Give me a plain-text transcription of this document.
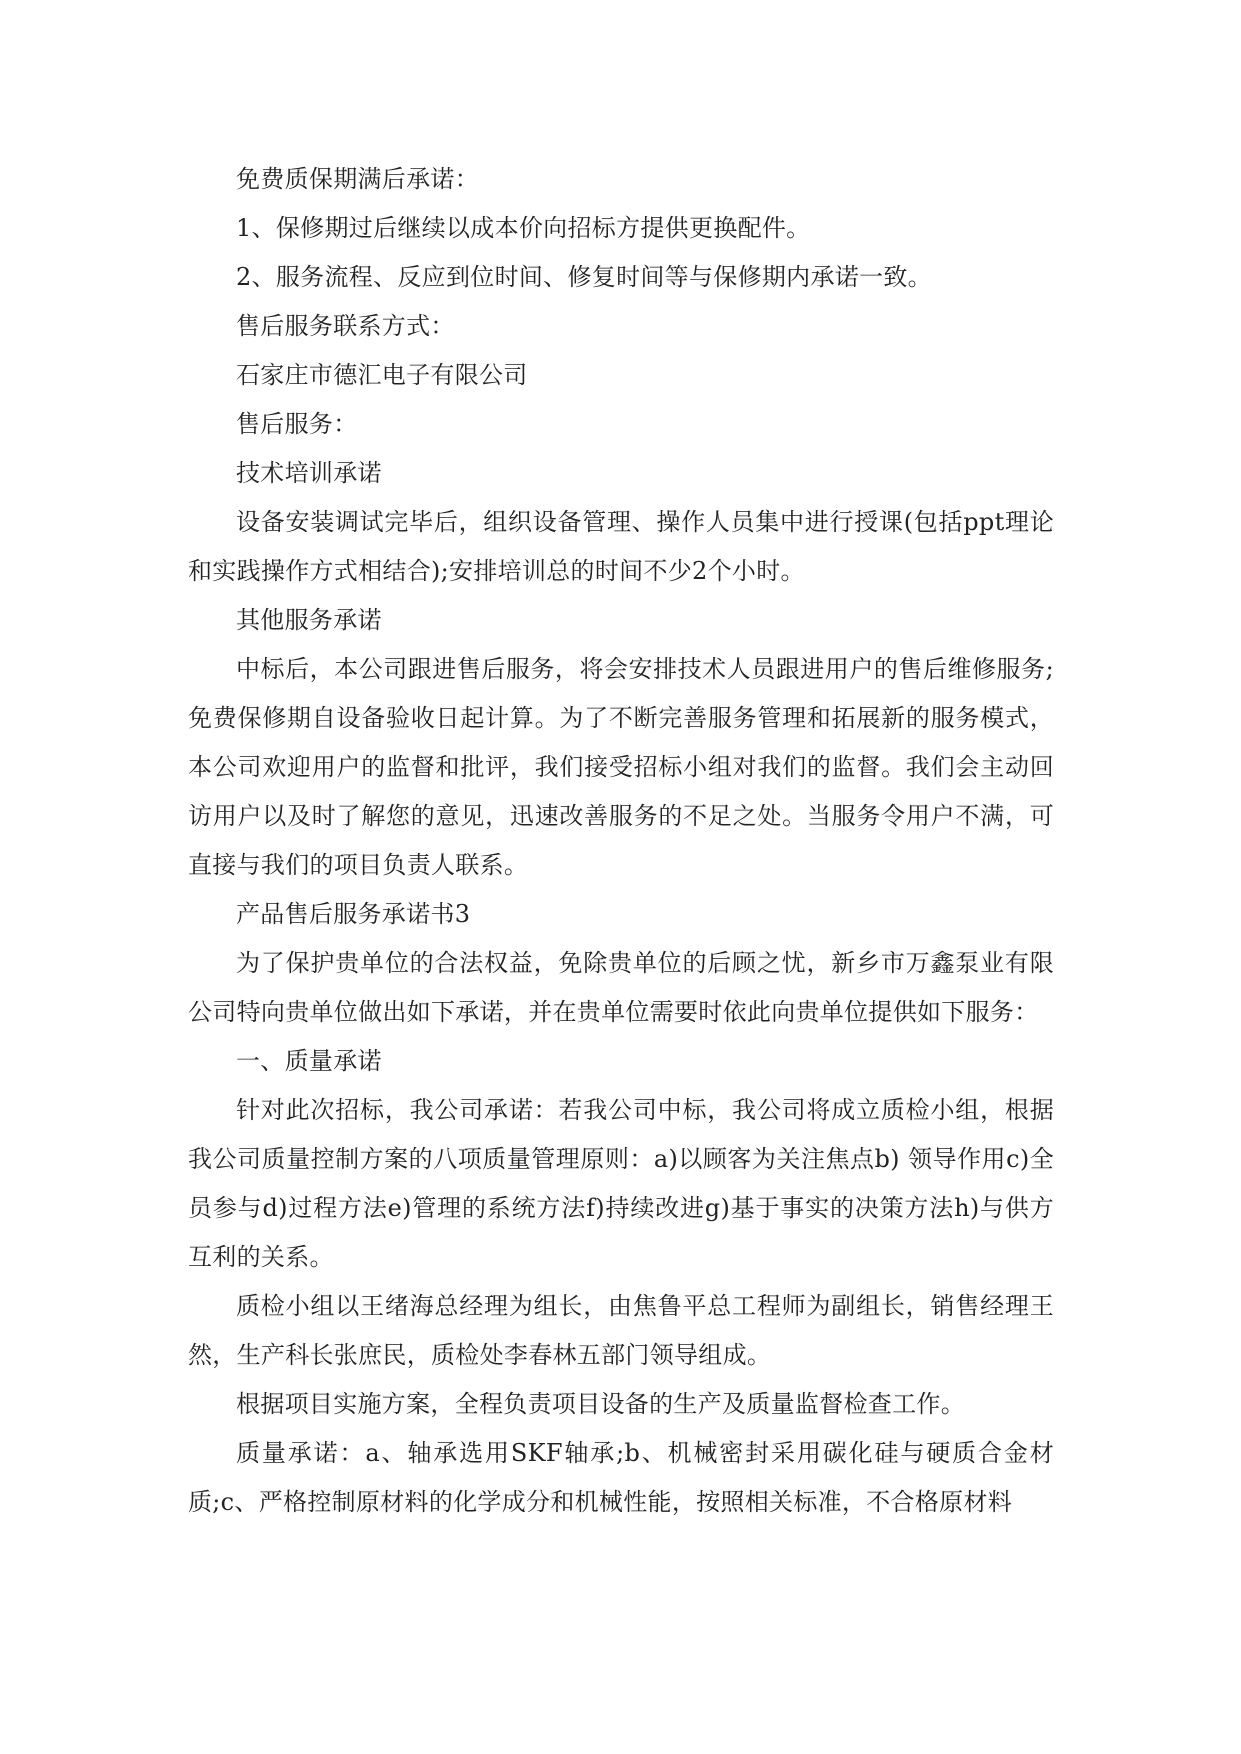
免费质保期满后承诺：

1、保修期过后继续以成本价向招标方提供更换配件。

2、服务流程、反应到位时间、修复时间等与保修期内承诺一致。

售后服务联系方式：

石家庄市德汇电子有限公司

售后服务：

技术培训承诺

设备安装调试完毕后，组织设备管理、操作人员集中进行授课(包括ppt理论和实践操作方式相结合);安排培训总的时间不少2个小时。

其他服务承诺

中标后，本公司跟进售后服务，将会安排技术人员跟进用户的售后维修服务;免费保修期自设备验收日起计算。为了不断完善服务管理和拓展新的服务模式，本公司欢迎用户的监督和批评，我们接受招标小组对我们的监督。我们会主动回访用户以及时了解您的意见，迅速改善服务的不足之处。当服务令用户不满，可直接与我们的项目负责人联系。

产品售后服务承诺书3

为了保护贵单位的合法权益，免除贵单位的后顾之忧，新乡市万鑫泵业有限公司特向贵单位做出如下承诺，并在贵单位需要时依此向贵单位提供如下服务：

一、质量承诺

针对此次招标，我公司承诺：若我公司中标，我公司将成立质检小组，根据我公司质量控制方案的八项质量管理原则：a)以顾客为关注焦点b) 领导作用c)全员参与d)过程方法e)管理的系统方法f)持续改进g)基于事实的决策方法h)与供方互利的关系。

质检小组以王绪海总经理为组长，由焦鲁平总工程师为副组长，销售经理王然，生产科长张庶民，质检处李春林五部门领导组成。

根据项目实施方案，全程负责项目设备的生产及质量监督检查工作。

质量承诺：a、轴承选用SKF轴承;b、机械密封采用碳化硅与硬质合金材质;c、严格控制原材料的化学成分和机械性能，按照相关标准，不合格原材料
